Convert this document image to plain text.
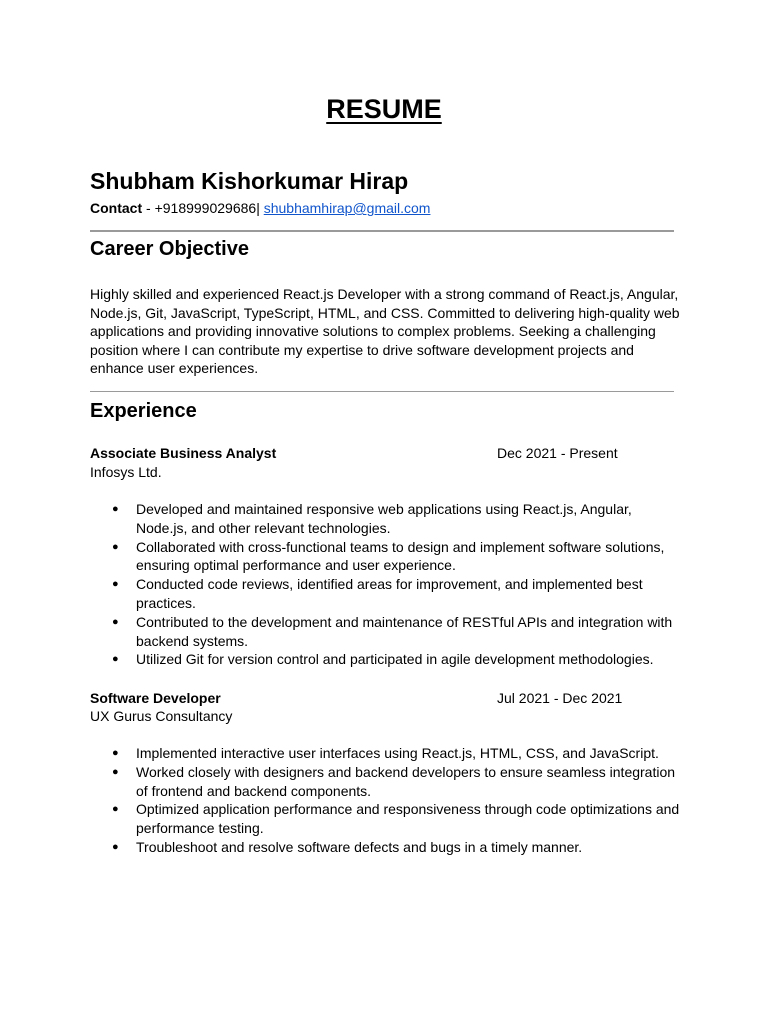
RESUME
Shubham Kishorkumar Hirap
Contact - +918999029686| shubhamhirap@gmail.com
Career Objective
Highly skilled and experienced React.js Developer with a strong command of React.js, Angular, Node.js, Git, JavaScript, TypeScript, HTML, and CSS. Committed to delivering high-quality web applications and providing innovative solutions to complex problems. Seeking a challenging position where I can contribute my expertise to drive software development projects and enhance user experiences.
Experience
Associate Business Analyst	Dec 2021 - Present
Infosys Ltd.
● Developed and maintained responsive web applications using React.js, Angular, Node.js, and other relevant technologies.
● Collaborated with cross-functional teams to design and implement software solutions, ensuring optimal performance and user experience.
● Conducted code reviews, identified areas for improvement, and implemented best practices.
● Contributed to the development and maintenance of RESTful APIs and integration with backend systems.
● Utilized Git for version control and participated in agile development methodologies.
Software Developer	Jul 2021 - Dec 2021
UX Gurus Consultancy
● Implemented interactive user interfaces using React.js, HTML, CSS, and JavaScript.
● Worked closely with designers and backend developers to ensure seamless integration of frontend and backend components.
● Optimized application performance and responsiveness through code optimizations and performance testing.
● Troubleshoot and resolve software defects and bugs in a timely manner.
